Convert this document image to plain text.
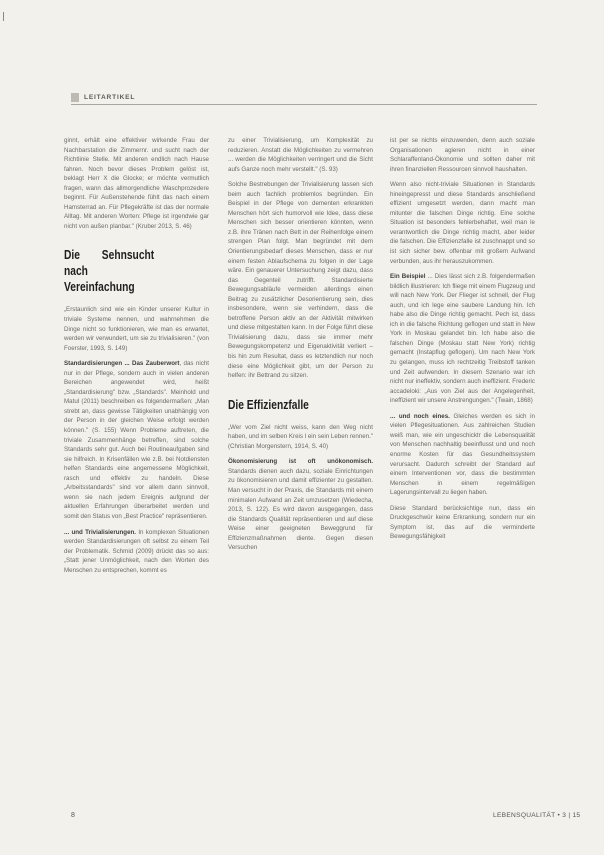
LEITARTIKEL

ginnt, erhält eine effektiver wirkende Frau der Nachbarstation die Zimmernr. und sucht nach der Richtlinie Stelle. Mit anderen endlich nach Hause fahren. Noch bevor dieses Problem gelöst ist, beklagt Herr X die Glocke; er möchte vermutlich fragen, wann das allmorgendliche Waschprozedere beginnt. Für Außenstehende fühlt das nach einem Hamsterrad an. Für Pflegekräfte ist das der normale Alltag. Mit anderen Worten: Pflege ist irgendwie gar nicht von außen planbar." (Kruber 2013, S. 46)

Die Sehnsucht nach Vereinfachung

„Erstaunlich sind wie ein Kinder unserer Kultur in triviale Systeme nennen, und wahrnehmen die Dinge nicht so funktionieren, wie man es erwartet, werden wir verwundert, um sie zu trivialisieren." (von Foerster, 1993, S. 149)

Standardisierungen ... Das Zauberwort, das nicht nur in der Pflege, sondern auch in vielen anderen Bereichen angewendet wird, heißt „Standardisierung" bzw. „Standards". Meinhold und Matul (2011) beschreiben es folgendermaßen: „Man strebt an, dass gewisse Tätigkeiten unabhängig von der Person in der gleichen Weise erfolgt werden können." (S. 155) Wenn Probleme auftreten, die triviale Zusammenhänge betreffen, sind solche Standards sehr gut. Auch bei Routineaufgaben sind sie hilfreich. In Krisenfällen wie z.B. bei Notdiensten helfen Standards eine angemessene Möglichkeit, rasch und effektiv zu handeln. Diese „Arbeitsstandards" sind vor allem dann sinnvoll, wenn sie nach jedem Ereignis aufgrund der aktuellen Erfahrungen überarbeitet werden und somit den Status von „Best Practice" repräsentieren.

... und Trivialisierungen. In komplexen Situationen werden Standardisierungen oft selbst zu einem Teil der Problematik. Schmid (2009) drückt das so aus: „Statt jener Unmöglichkeit, nach den Worten des Menschen zu entsprechen, kommt es

zu einer Trivialisierung, um Komplexität zu reduzieren. Anstatt die Möglichkeiten zu vermehren ... werden die Möglichkeiten verringert und die Sicht aufs Ganze noch mehr verstellt." (S. 93)

Solche Bestrebungen der Trivialisierung lassen sich beim auch fachlich problemlos begründen. Ein Beispiel in der Pflege von dementen erkrankten Menschen hört sich humorvoll wie Idee, dass diese Menschen sich besser orientieren könnten, wenn z.B. ihre Tränen nach Bett in der Reihenfolge einem strengen Plan folgt. Man begründet mit dem Orientierungsbedarf dieses Menschen, dass er nur einem festen Ablaufschema zu folgen in der Lage wäre. Ein genauerer Untersuchung zeigt dazu, dass das Gegenteil zutrifft. Standardisierte Bewegungsabläufe vermeiden allerdings einen Beitrag zu zusätzlicher Desorientierung sein, dies insbesondere, wenn sie verhindern, dass die betroffene Person aktiv an der Aktivität mitwirken und diese mitgestalten kann. In der Folge führt diese Trivialisierung dazu, dass sie immer mehr Bewegungskompetenz und Eigenaktivität verliert – bis hin zum Resultat, dass es letztendlich nur noch diese eine Möglichkeit gibt, um der Person zu helfen: ihr Bettrand zu sitzen.

Die Effizienzfalle

„Wer vom Ziel nicht weiss, kann den Weg nicht haben, und im selben Kreis l ein sein Leben rennen." (Christian Morgenstern, 1914, S. 40)

Ökonomisierung ist oft unökonomisch. Standards dienen auch dazu, soziale Einrichtungen zu ökonomisieren und damit effizienter zu gestalten. Man versucht in der Praxis, die Standards mit einem minimalen Aufwand an Zeit umzusetzen (Wiedecha, 2013, S. 122). Es wird davon ausgegangen, dass die Standards Qualität repräsentieren und auf diese Weise einer geeigneten Beweggrund für Effizienzmaßnahmen diente. Gegen diesen Versuchen

ist per se nichts einzuwenden, denn auch soziale Organisationen agieren nicht in einer Schlaraffenland-Ökonomie und sollten daher mit ihren finanziellen Ressourcen sinnvoll haushalten.

Wenn also nicht-triviale Situationen in Standards hineingepresst und diese Standards anschließend effizient umgesetzt werden, dann macht man mitunter die falschen Dinge richtig. Eine solche Situation ist besonders fehlerbehaftet, weil man le verantwortlich die Dinge richtig macht, aber leider die falschen. Die Effizienzfalle ist zuschnappt und so ist sich sicher bew. offenbar mit großem Aufwand verbunden, aus ihr herauszukommen.

Ein Beispiel ... Dies lässt sich z.B. folgendermaßen bildlich illustrieren: Ich fliege mit einem Flugzeug und will nach New York. Der Flieger ist schnell, der Flug auch, und ich lege eine saubere Landung hin. Ich habe also die Dinge richtig gemacht. Pech ist, dass ich in die falsche Richtung geflogen und statt in New York in Moskau gelandet bin. Ich habe also die falschen Dinge (Moskau statt New York) richtig gemacht (Instapflug geflogen). Um nach New York zu gelangen, muss ich rechtzeitig Treibstoff tanken und Zeit aufwenden. In diesem Szenario war ich nicht nur ineffektiv, sondern auch ineffizient. Frederic accadeloki: „Aus von Ziel aus der Angelegenheit, ineffizient wir unsere Anstrengungen." (Twain, 1868)

... und noch eines. Gleiches werden es sich in vielen Pflegesituationen. Aus zahlreichen Studien weiß man, wie ein ungeschicktr die Lebensqualität von Menschen nachhaltig beeinflusst und und noch enorme Kosten für das Gesundheitssystem verursacht. Dadurch schreibt der Standard auf einem Interventionen vor, dass die bestimmten Menschen in einem regelmäßigen Lagerungsintervall zu liegen haben.

Diese Standard berücksichtige nun, dass ein Druckgeschwür keine Erkrankung, sondern nur ein Symptom ist, das auf die verminderte Bewegungsfähigkeit

8	LEBENSQUALITÄT • 3 | 15
